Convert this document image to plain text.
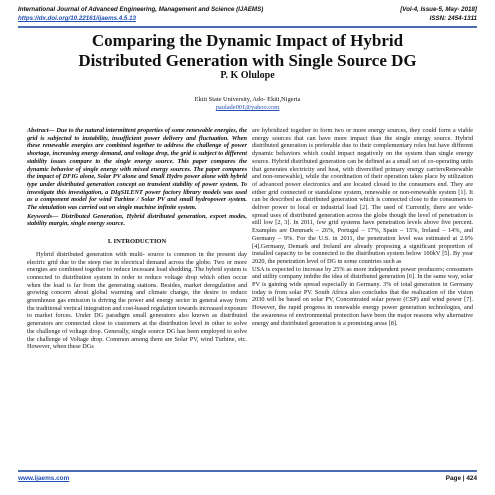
International Journal of Advanced Engineering, Management and Science (IJAEMS)	[Vol-4, Issue-5, May- 2018]
https://dx.doi.org/10.22161/ijaems.4.5.13	ISSN: 2454-1311
Comparing the Dynamic Impact of Hybrid
Distributed Generation with Single Source DG
P. K Olulope
Ekiti State University, Ado- Ekiti,Nigeria
paulade001@yahoo.com

Abstract— Due to the natural intermittent properties of some renewable energies, the grid is subjected to instability, insufficient power delivery and fluctuation. When these renewable energies are combined together to address the challenge of power shortage, increasing energy demand, and voltage drop, the grid is subject to different stability issues compare to the single energy source. This paper compares the dynamic behavior of single energy with mixed energy sources. The paper compares the impact of DFIG alone, Solar PV alone and Small Hydro power alone with hybrid type under distributed generation concept on transient stability of power system. To investigate this investigation, a DIgSILENT power factory library models was used as a component model for wind Turbine / Solar PV and small hydropower system. The simulation was carried out on single machine infinite system.

Keywords— Distributed Generation, Hybrid distributed generation, export modes, stability margin, single energy source.

I. INTRODUCTION

Hybrid distributed generation with multi- source is common in the present day electric grid due to the steep rise in electrical demand across the globe. Two or more energies are combined together to reduce incessant load shedding. The hybrid system is connected to distribution system in order to reduce voltage drop which often occur when the load is far from the generating stations. Besides, market deregulation and growing concern about global warming and climate change, the desire to reduce greenhouse gas emission is driving the power and energy sector in general away from the traditional vertical integration and cost-based regulation towards increased exposure to market forces. Under DG paradigm small generators also known as distributed generators are connected close to customers at the distribution level in other to solve the challenge of voltage drop. Generally, single source DG has been employed to solve the challenge of Voltage drop. Common among them are Solar PV, wind Turbine, etc. However, when these DGs

are hybridized together to form two or more energy sources, they could form a viable energy sources that can have more impact than the single energy source. Hybrid distributed generation is preferable due to their complementary roles but have different dynamic behaviors which could impact negatively on the system than single energy source. Hybrid distributed generation can be defined as a small set of co-operating units that generates electricity and heat, with diversified primary energy carriersRenewable and non-renewable), while the coordination of their operation takes place by utilization of advanced power electronics and are located closed to the consumers end. They are either grid connected or standalone system, renewable or non-renewable system [1]. It can be described as distributed generation which is connected close to the consumers to deliver power to local or industrial load [2]. The used of Currently, there are wide-spread uses of distributed generation across the globe though the level of penetration is still low [2, 3]. In 2011, few grid systems have penetration levels above five percent. Examples are Denmark – 26%, Portugal – 17%, Spain – 15%, Ireland – 14%, and Germany – 9%. For the U.S. in 2011, the penetration level was estimated at 2.9% [4].Germany, Demark and Ireland are already proposing a significant proportion of installed capacity to be connected to the distribution system below 100kV [5]. By year 2020, the penetration level of DG in some countries such as

USA is expected to increase by 25% as more independent power producers; consumers and utility company imbibe the idea of distributed generation [6]. In the same way, solar PV is gaining wide spread especially in Germany. 3% of total generation in Germany today is from solar PV. South Africa also concludes that the realization of the vision 2030 will be based on solar PV, Concentrated solar power (CSP) and wind power [7]. However, the rapid progress in renewable energy power generation technologies, and the awareness of environmental protection have been the major reasons why alternative energy and distributed generation is a promising areas [8].

www.ijaems.com	Page | 424
